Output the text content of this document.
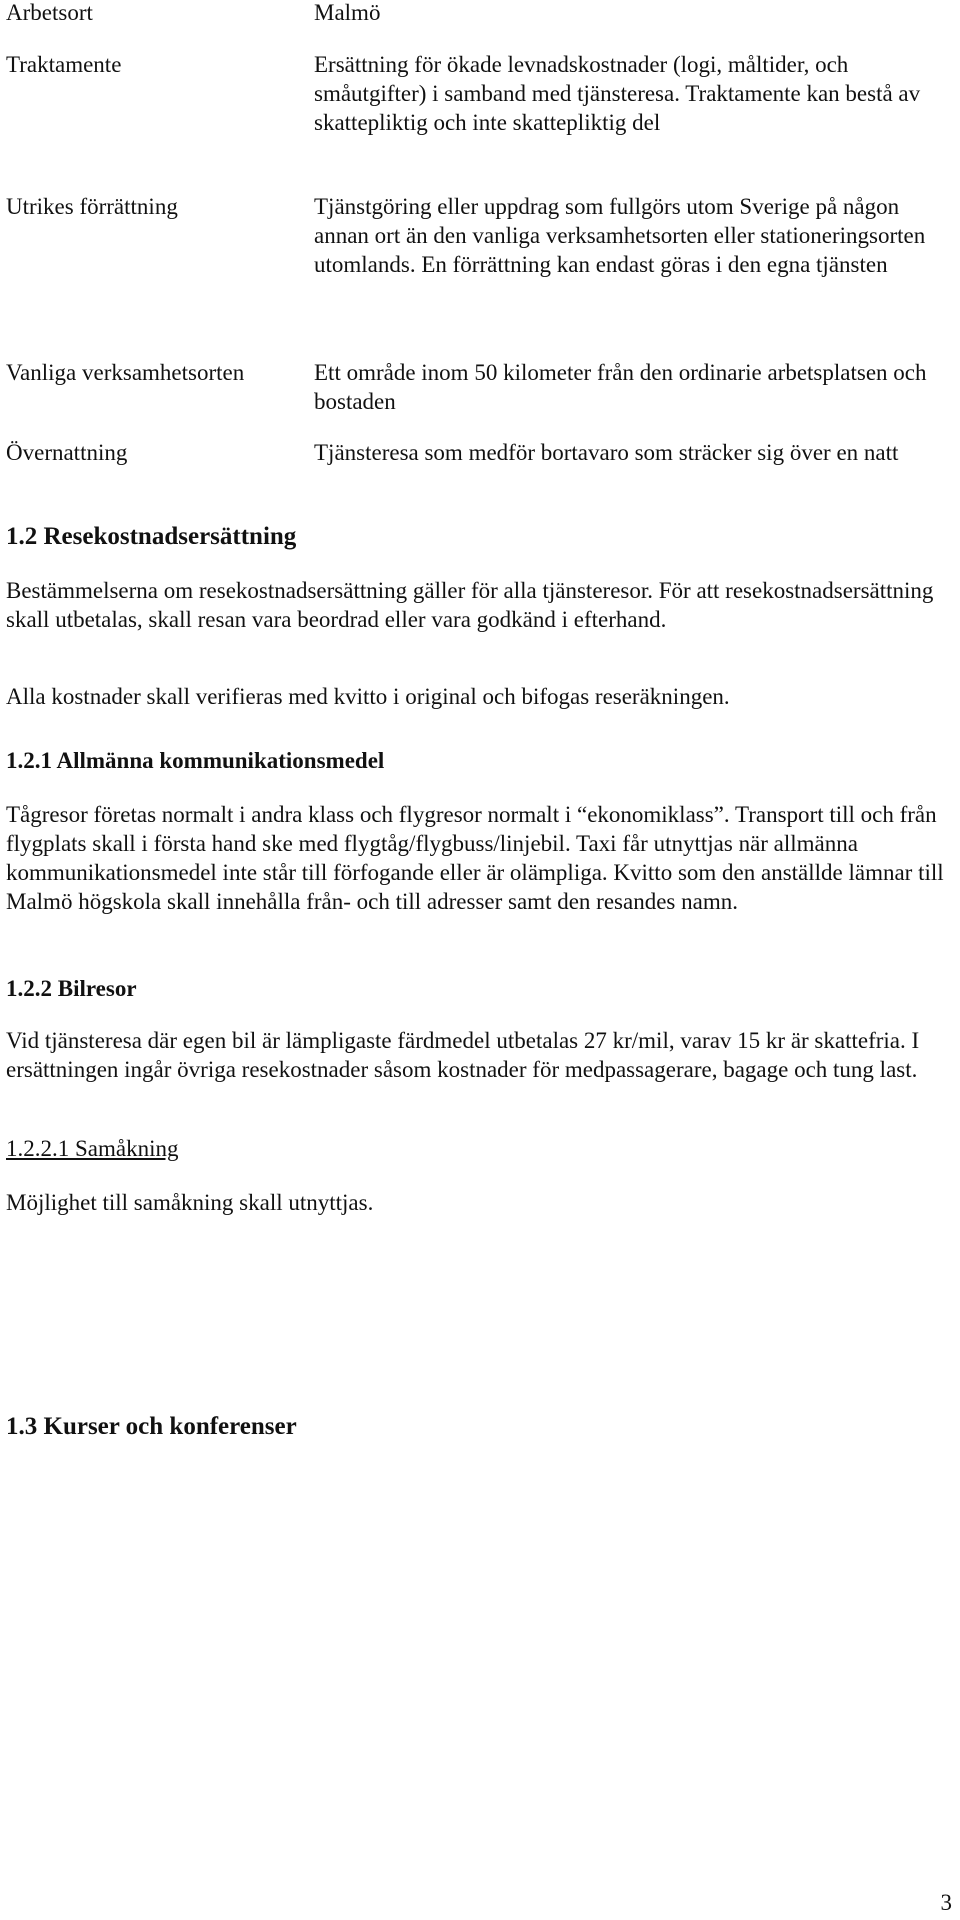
Arbetsort	Malmö

Traktamente	Ersättning för ökade levnadskostnader (logi, måltider, och småutgifter) i samband med tjänsteresa. Traktamente kan bestå av skattepliktig och inte skattepliktig del

Utrikes förrättning	Tjänstgöring eller uppdrag som fullgörs utom Sverige på någon annan ort än den vanliga verksamhetsorten eller stationeringsorten utomlands. En förrättning kan endast göras i den egna tjänsten

Vanliga verksamhetsorten	Ett område inom 50 kilometer från den ordinarie arbetsplatsen och bostaden

Övernattning	Tjänsteresa som medför bortavaro som sträcker sig över en natt

1.2 Resekostnadsersättning

Bestämmelserna om resekostnadsersättning gäller för alla tjänsteresor. För att resekostnadsersättning skall utbetalas, skall resan vara beordrad eller vara godkänd i efterhand.

Alla kostnader skall verifieras med kvitto i original och bifogas reseräkningen.

1.2.1 Allmänna kommunikationsmedel

Tågresor företas normalt i andra klass och flygresor normalt i “ekonomiklass”. Transport till och från flygplats skall i första hand ske med flygtåg/flygbuss/linjebil. Taxi får utnyttjas när allmänna kommunikationsmedel inte står till förfogande eller är olämpliga. Kvitto som den anställde lämnar till Malmö högskola skall innehålla från- och till adresser samt den resandes namn.

1.2.2 Bilresor

Vid tjänsteresa där egen bil är lämpligaste färdmedel utbetalas 27 kr/mil, varav 15 kr är skattefria. I ersättningen ingår övriga resekostnader såsom kostnader för medpassagerare, bagage och tung last.

1.2.2.1 Samåkning

Möjlighet till samåkning skall utnyttjas.

1.3 Kurser och konferenser

3
